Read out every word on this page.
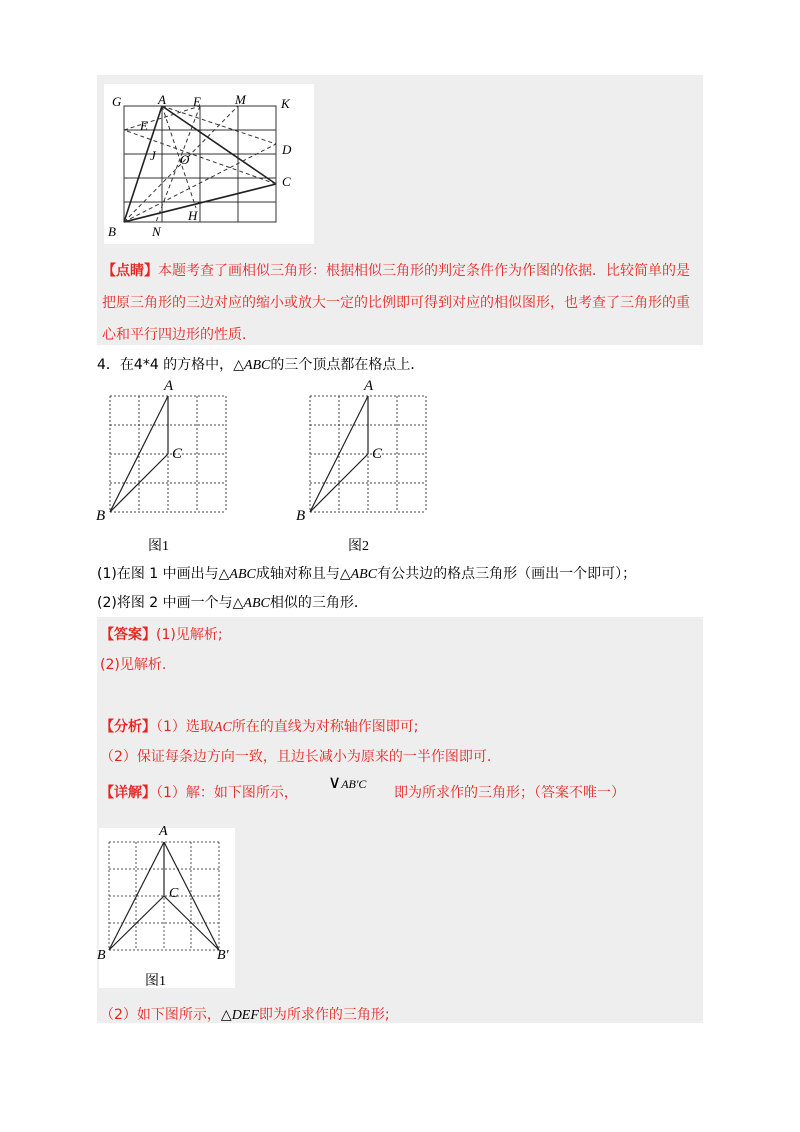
G	A E	M	K
E
J O
D
C
H
B	N
【点睛】本题考查了画相似三角形：根据相似三角形的判定条件作为作图的依据．比较简单的是
把原三角形的三边对应的缩小或放大一定的比例即可得到对应的相似图形，也考查了三角形的重
心和平行四边形的性质．
4．在4*4 的方格中，△ABC的三个顶点都在格点上．
A
C
B
图1
A
C
B
图2
(1)在图 1 中画出与△ABC成轴对称且与△ABC有公共边的格点三角形（画出一个即可）；
(2)将图 2 中画一个与△ABC相似的三角形．
【答案】(1)见解析;
(2)见解析.
【分析】（1）选取AC所在的直线为对称轴作图即可;
（2）保证每条边方向一致，且边长减小为原来的一半作图即可.
【详解】（1）解：如下图所示， ∨AB'C
即为所求作的三角形；（答案不唯一）
A
C
B	B'
图1
（2）如下图所示，△DEF即为所求作的三角形;
